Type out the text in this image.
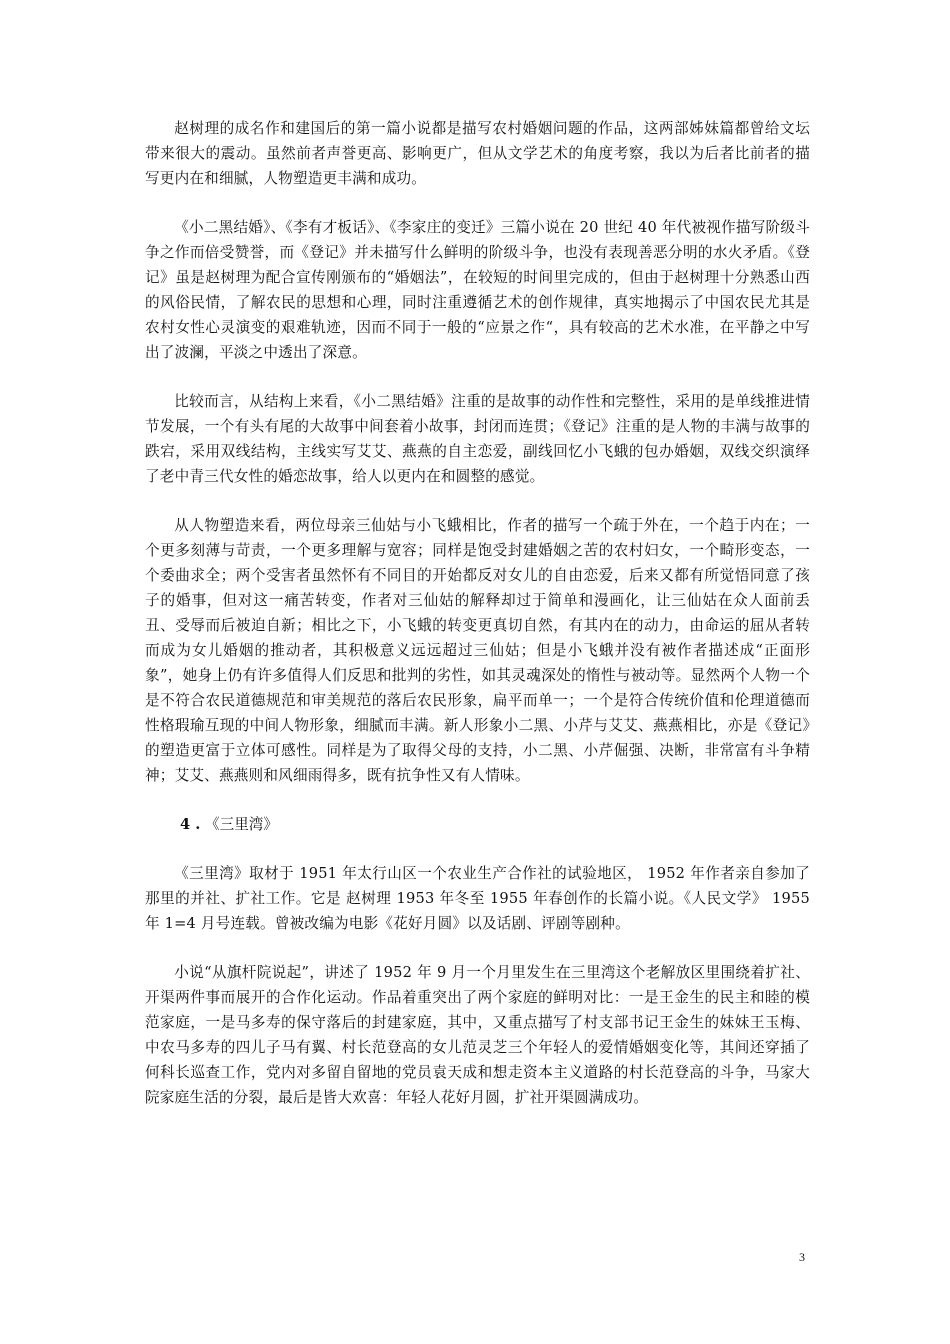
赵树理的成名作和建国后的第一篇小说都是描写农村婚姻问题的作品，这两部姊妹篇都曾给文坛带来很大的震动。虽然前者声誉更高、影响更广，但从文学艺术的角度考察，我以为后者比前者的描写更内在和细腻，人物塑造更丰满和成功。

《小二黑结婚》、《李有才板话》、《李家庄的变迁》三篇小说在 20 世纪 40 年代被视作描写阶级斗争之作而倍受赞誉，而《登记》并未描写什么鲜明的阶级斗争，也没有表现善恶分明的水火矛盾。《登记》虽是赵树理为配合宣传刚颁布的“婚姻法”，在较短的时间里完成的，但由于赵树理十分熟悉山西的风俗民情，了解农民的思想和心理，同时注重遵循艺术的创作规律，真实地揭示了中国农民尤其是农村女性心灵演变的艰难轨迹，因而不同于一般的“应景之作“，具有较高的艺术水准，在平静之中写出了波澜，平淡之中透出了深意。

比较而言，从结构上来看，《小二黑结婚》注重的是故事的动作性和完整性，采用的是单线推进情节发展，一个有头有尾的大故事中间套着小故事，封闭而连贯；《登记》注重的是人物的丰满与故事的跌宕，采用双线结构，主线实写艾艾、燕燕的自主恋爱，副线回忆小飞蛾的包办婚姻，双线交织演绎了老中青三代女性的婚恋故事，给人以更内在和圆整的感觉。

从人物塑造来看，两位母亲三仙姑与小飞蛾相比，作者的描写一个疏于外在，一个趋于内在；一个更多刻薄与苛责，一个更多理解与宽容；同样是饱受封建婚姻之苦的农村妇女，一个畸形变态，一个委曲求全；两个受害者虽然怀有不同目的开始都反对女儿的自由恋爱，后来又都有所觉悟同意了孩子的婚事，但对这一痛苦转变，作者对三仙姑的解释却过于简单和漫画化，让三仙姑在众人面前丢丑、受辱而后被迫自新；相比之下，小飞蛾的转变更真切自然，有其内在的动力，由命运的屈从者转而成为女儿婚姻的推动者，其积极意义远远超过三仙姑；但是小飞蛾并没有被作者描述成“正面形象”，她身上仍有许多值得人们反思和批判的劣性，如其灵魂深处的惰性与被动等。显然两个人物一个是不符合农民道德规范和审美规范的落后农民形象，扁平而单一；一个是符合传统价值和伦理道德而性格瑕瑜互现的中间人物形象，细腻而丰满。新人形象小二黑、小芹与艾艾、燕燕相比，亦是《登记》的塑造更富于立体可感性。同样是为了取得父母的支持，小二黑、小芹倔强、决断，非常富有斗争精神；艾艾、燕燕则和风细雨得多，既有抗争性又有人情味。

4 . 《三里湾》

《三里湾》取材于 1951 年太行山区一个农业生产合作社的试验地区， 1952 年作者亲自参加了那里的并社、扩社工作。它是 赵树理 1953 年冬至 1955 年春创作的长篇小说。《人民文学》 1955 年 1=4 月号连载。曾被改编为电影《花好月圆》以及话剧、评剧等剧种。

小说“从旗杆院说起”，讲述了 1952 年 9 月一个月里发生在三里湾这个老解放区里围绕着扩社、开渠两件事而展开的合作化运动。作品着重突出了两个家庭的鲜明对比：一是王金生的民主和睦的模范家庭，一是马多寿的保守落后的封建家庭，其中，又重点描写了村支部书记王金生的妹妹王玉梅、中农马多寿的四儿子马有翼、村长范登高的女儿范灵芝三个年轻人的爱情婚姻变化等，其间还穿插了何科长巡查工作，党内对多留自留地的党员袁天成和想走资本主义道路的村长范登高的斗争，马家大院家庭生活的分裂，最后是皆大欢喜：年轻人花好月圆，扩社开渠圆满成功。

3
